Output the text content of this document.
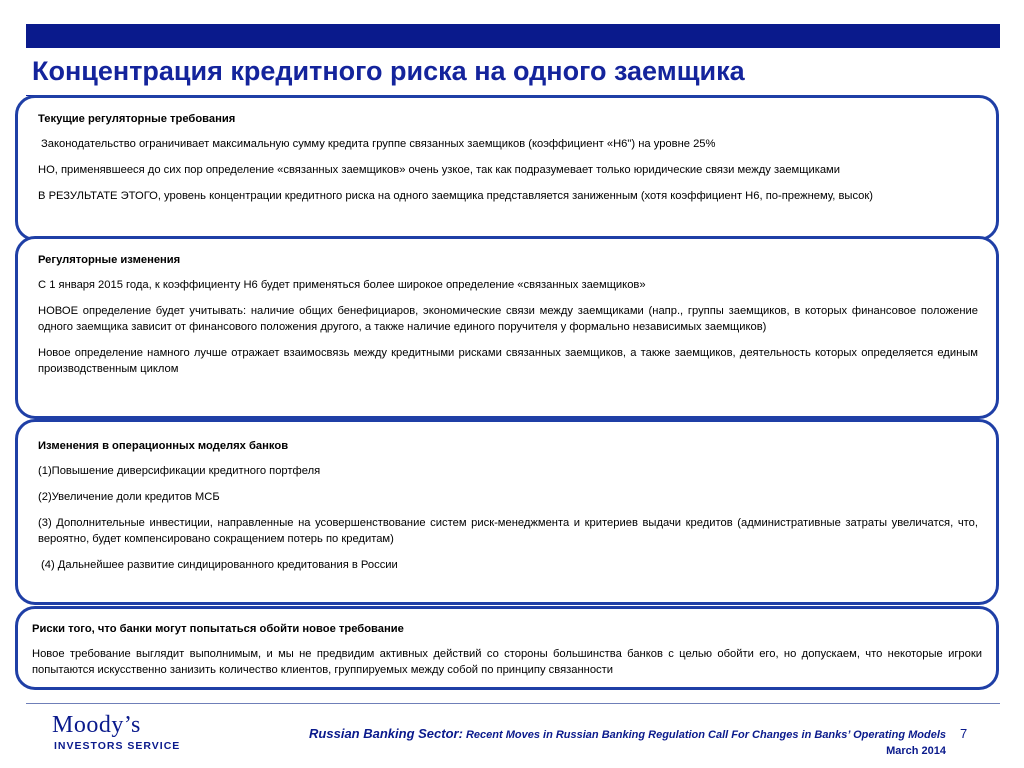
Концентрация кредитного риска на одного заемщика
Текущие регуляторные требования

Законодательство ограничивает максимальную сумму кредита группе связанных заемщиков (коэффициент «Н6") на уровне 25%

НО, применявшееся до сих пор определение «связанных заемщиков» очень узкое, так как подразумевает только юридические связи между заемщиками

В РЕЗУЛЬТАТЕ ЭТОГО, уровень концентрации кредитного риска на одного заемщика представляется заниженным (хотя коэффициент Н6, по-прежнему, высок)

Регуляторные изменения

С 1 января 2015 года, к коэффициенту Н6 будет применяться более широкое определение «связанных заемщиков»

НОВОЕ определение будет учитывать: наличие общих бенефициаров, экономические связи между заемщиками (напр., группы заемщиков, в которых финансовое положение одного заемщика зависит от финансового положения другого, а также наличие единого поручителя у формально независимых заемщиков)

Новое определение намного лучше отражает взаимосвязь между кредитными рисками связанных заемщиков, а также заемщиков, деятельность которых определяется единым производственным циклом

Изменения в операционных моделях банков

(1)Повышение диверсификации кредитного портфеля

(2)Увеличение доли кредитов МСБ

(3) Дополнительные инвестиции, направленные на усовершенствование систем риск-менеджмента и критериев выдачи кредитов (административные затраты увеличатся, что, вероятно, будет компенсировано сокращением потерь по кредитам)

(4) Дальнейшее развитие синдицированного кредитования в России

Риски того, что банки могут попытаться обойти новое требование

Новое требование выглядит выполнимым, и мы не предвидим активных действий со стороны большинства банков с целью обойти его, но допускаем, что некоторые игроки попытаются искусственно занизить количество клиентов, группируемых между собой по принципу связанности

Moody’s
INVESTORS SERVICE
Russian Banking Sector: Recent Moves in Russian Banking Regulation Call For Changes in Banks’ Operating Models
March 2014
7
